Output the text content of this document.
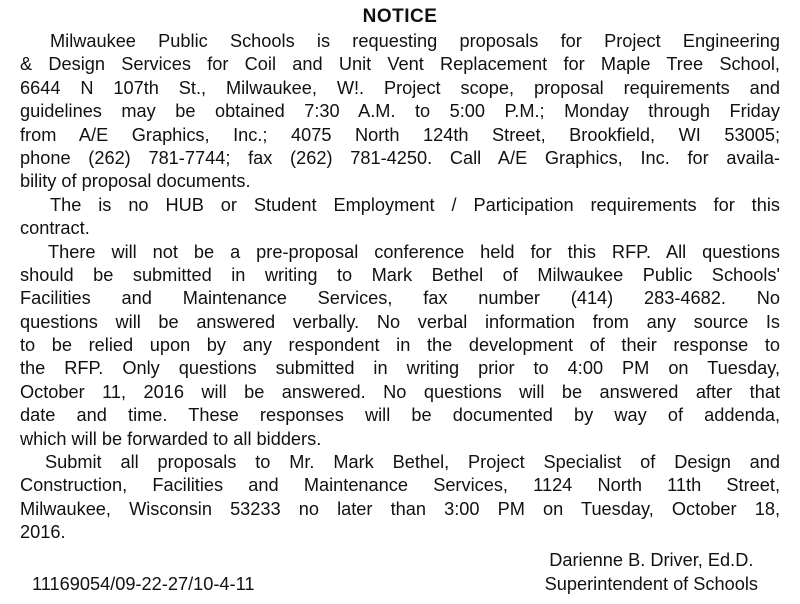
NOTICE
Milwaukee Public Schools is requesting proposals for Project Engineering
& Design Services for Coil and Unit Vent Replacement for Maple Tree School,
6644 N 107th St., Milwaukee, W!. Project scope, proposal requirements and
guidelines may be obtained 7:30 A.M. to 5:00 P.M.; Monday through Friday
from A/E Graphics, Inc.; 4075 North 124th Street, Brookfield, WI 53005;
phone (262) 781-7744; fax (262) 781-4250. Call A/E Graphics, Inc. for availa-
bility of proposal documents.
The is no HUB or Student Employment / Participation requirements for this
contract.
There will not be a pre-proposal conference held for this RFP. All questions
should be submitted in writing to Mark Bethel of Milwaukee Public Schools'
Facilities and Maintenance Services, fax number (414) 283-4682. No
questions will be answered verbally. No verbal information from any source Is
to be relied upon by any respondent in the development of their response to
the RFP. Only questions submitted in writing prior to 4:00 PM on Tuesday,
October 11, 2016 will be answered. No questions will be answered after that
date and time. These responses will be documented by way of addenda,
which will be forwarded to all bidders.
Submit all proposals to Mr. Mark Bethel, Project Specialist of Design and
Construction, Facilities and Maintenance Services, 1124 North 11th Street,
Milwaukee, Wisconsin 53233 no later than 3:00 PM on Tuesday, October 18,
2016.
Darienne B. Driver, Ed.D.
Superintendent of Schools
11169054/09-22-27/10-4-11
